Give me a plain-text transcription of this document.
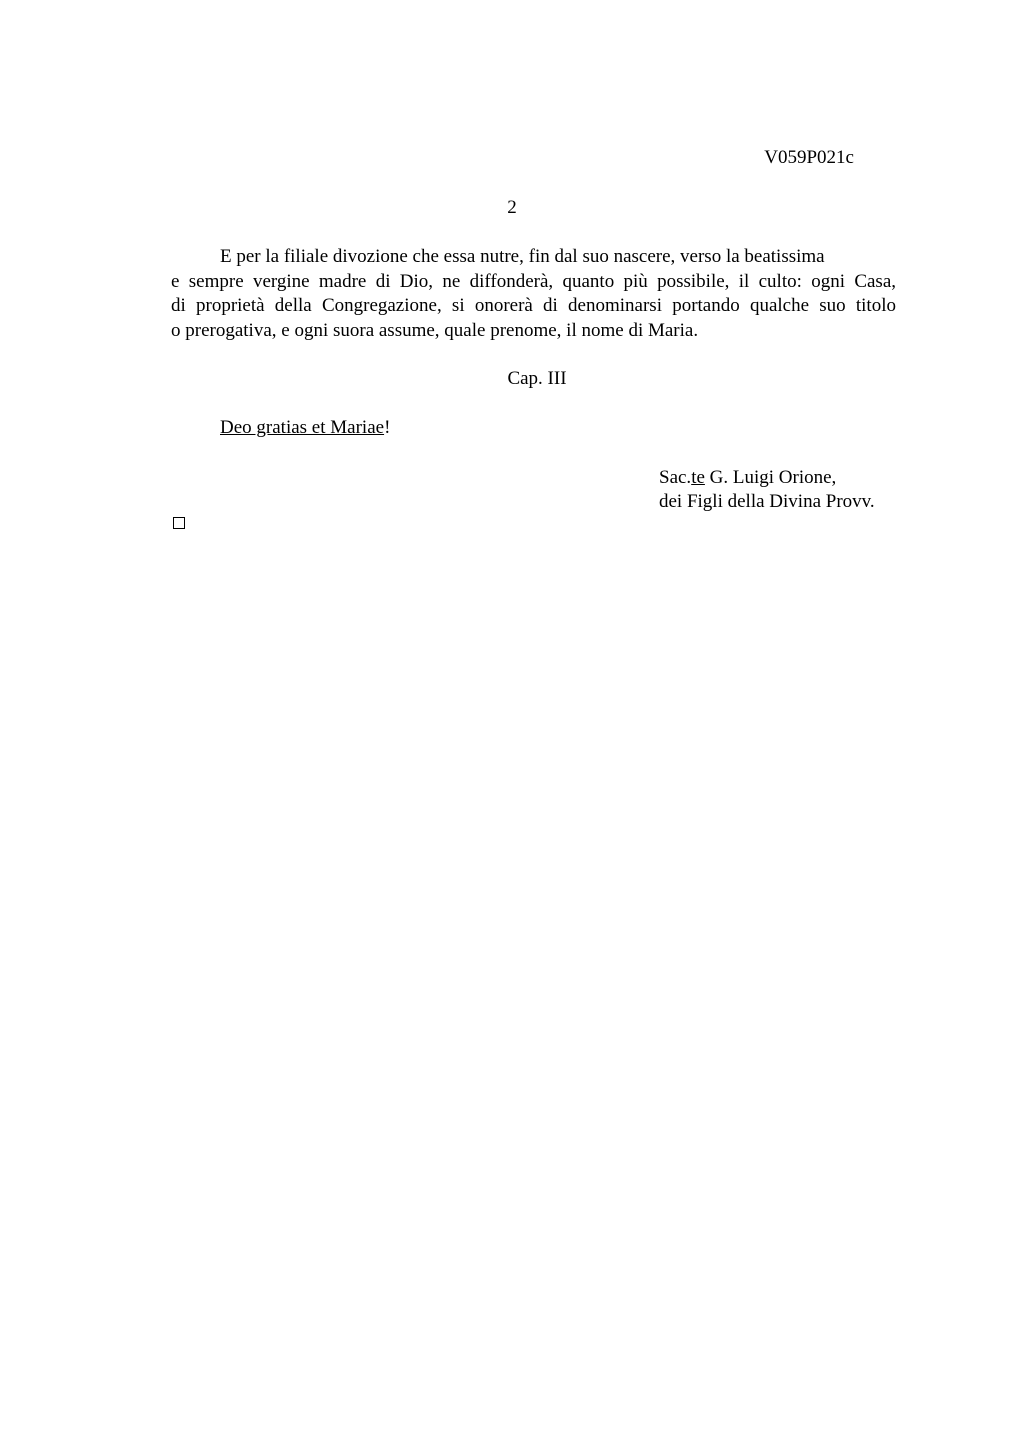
V059P021c
2
E per la filiale divozione che essa nutre, fin dal suo nascere, verso la beatissima
e sempre vergine madre di Dio, ne diffonderà, quanto più possibile, il culto: ogni Casa,
di proprietà della Congregazione, si onorerà di denominarsi portando qualche suo titolo
o prerogativa, e ogni suora assume, quale prenome, il nome di Maria.
Cap. III
Deo gratias et Mariae!
Sac.te G. Luigi Orione,
dei Figli della Divina Provv.
